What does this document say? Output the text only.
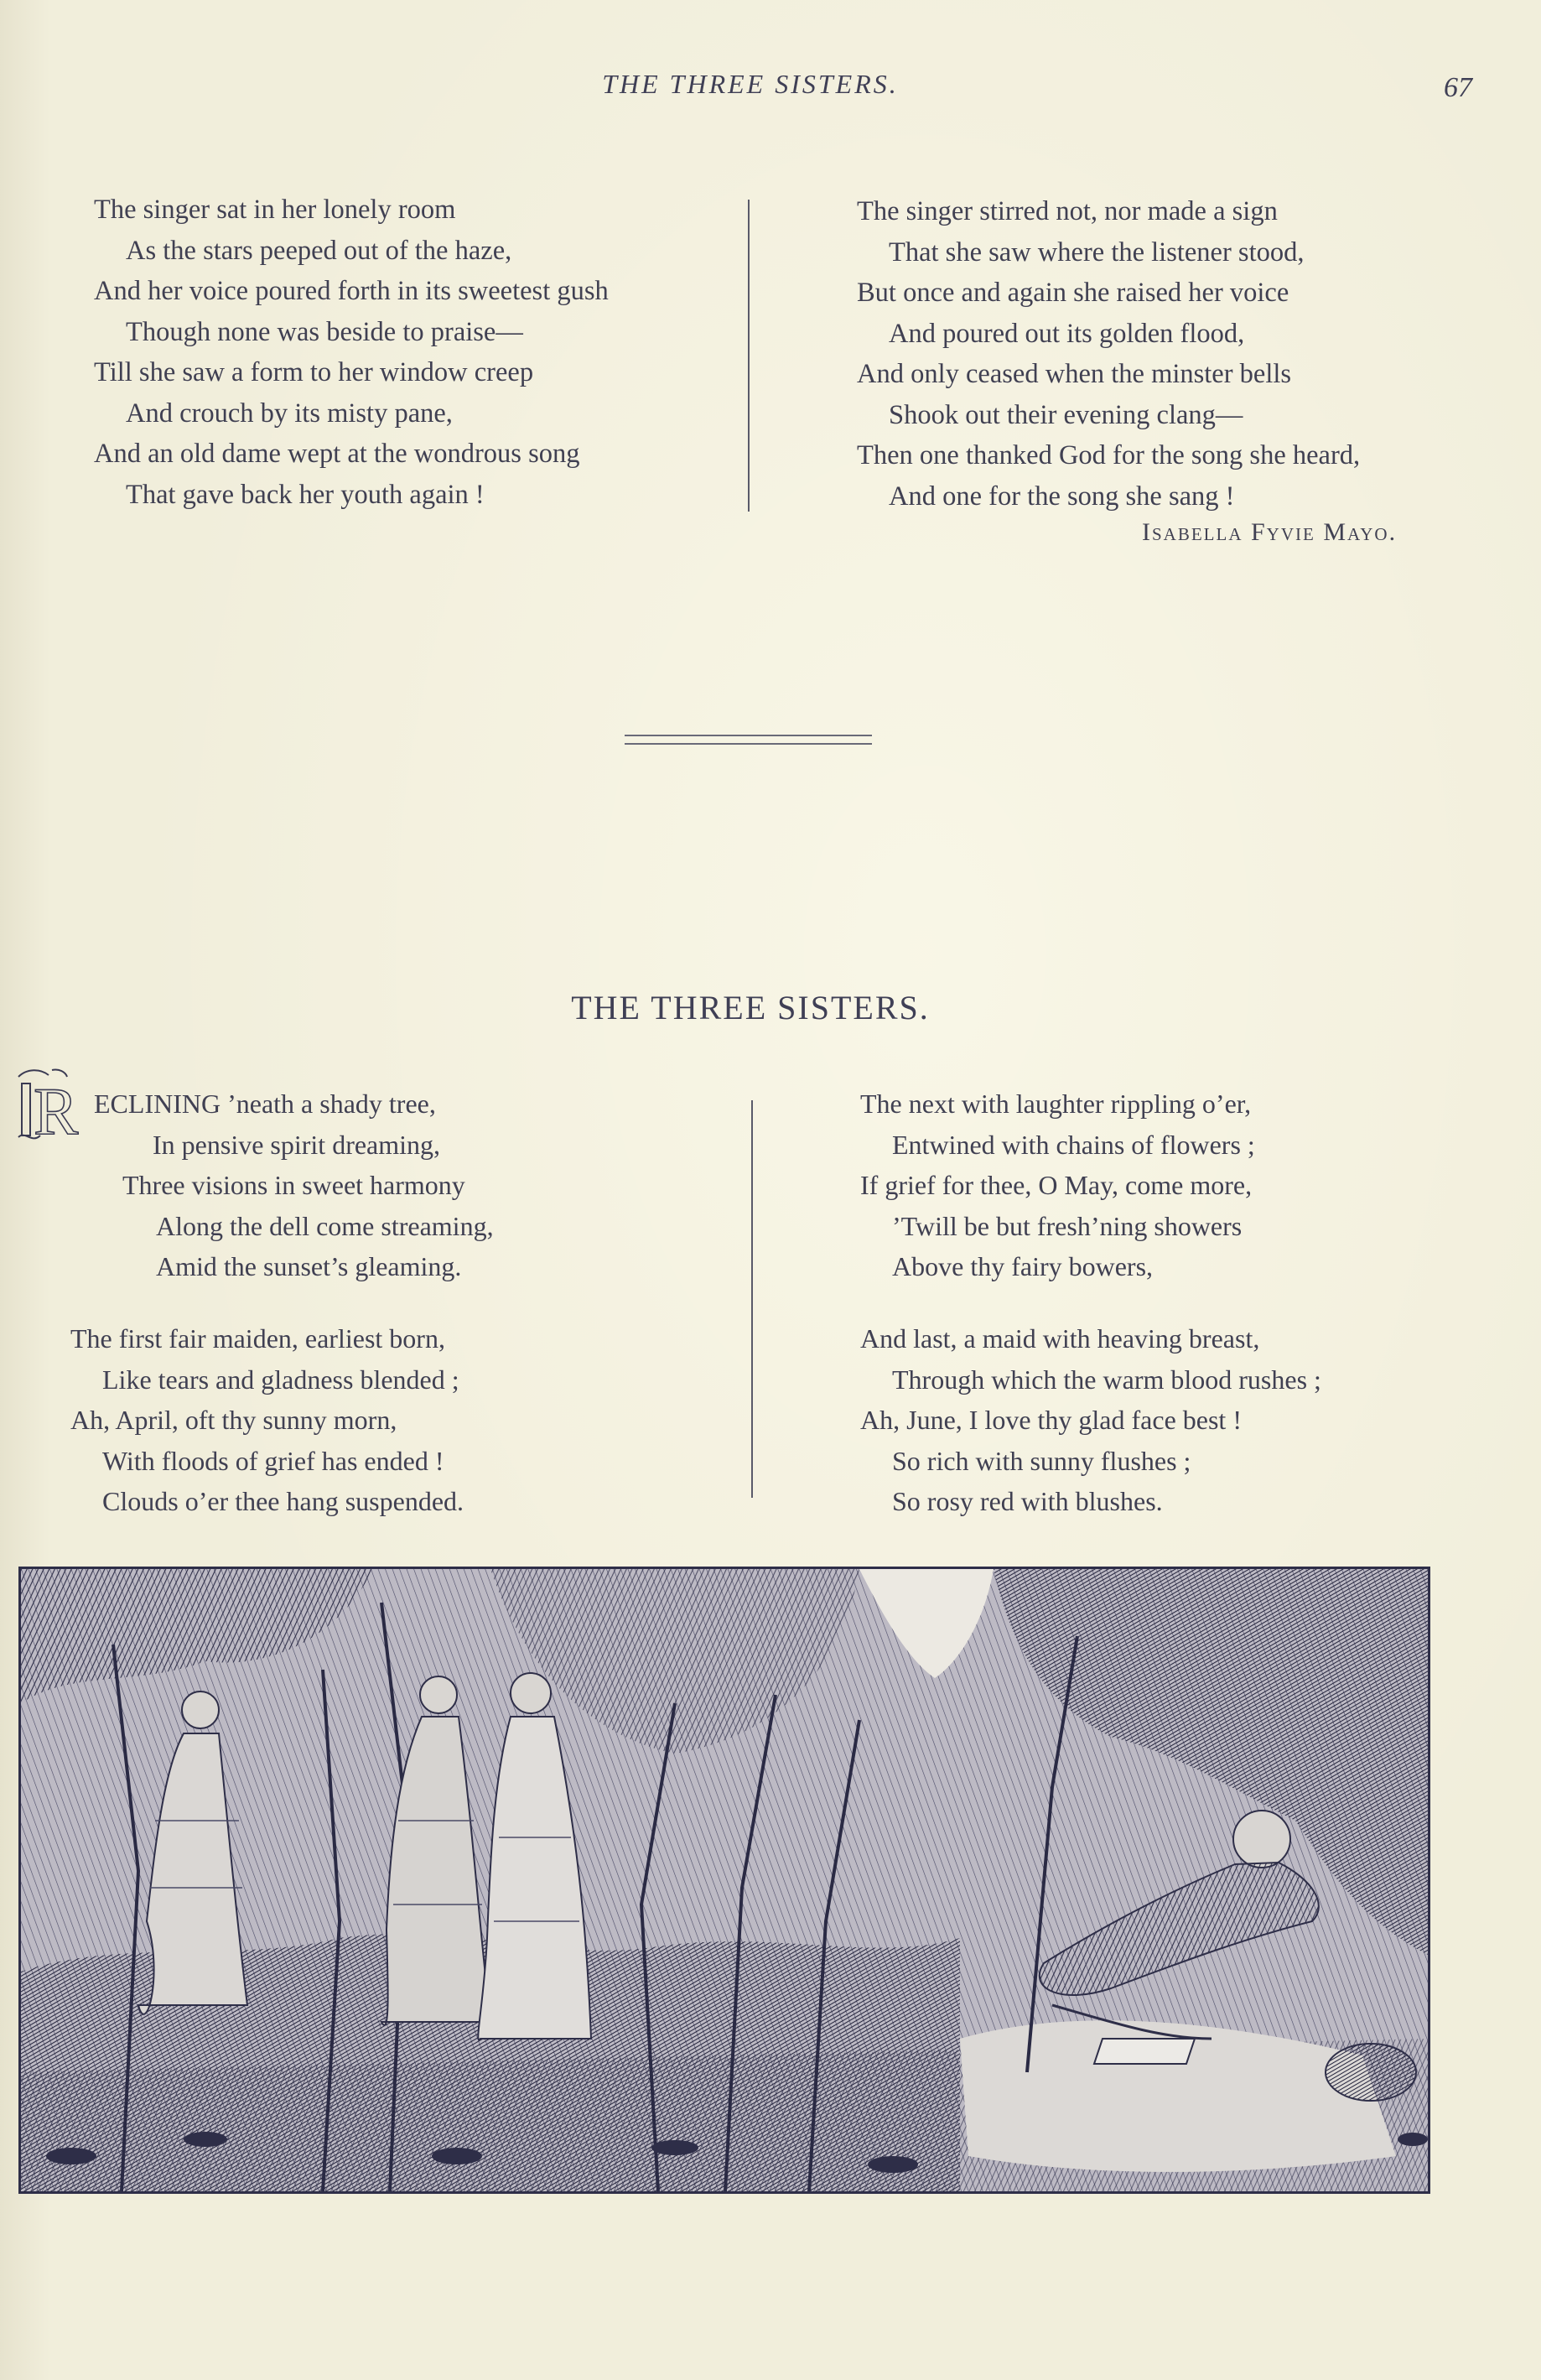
THE THREE SISTERS.	67
The singer sat in her lonely room
As the stars peeped out of the haze,
And her voice poured forth in its sweetest gush
Though none was beside to praise—
Till she saw a form to her window creep
And crouch by its misty pane,
And an old dame wept at the wondrous song
That gave back her youth again !
The singer stirred not, nor made a sign
That she saw where the listener stood,
But once and again she raised her voice
And poured out its golden flood,
And only ceased when the minster bells
Shook out their evening clang—
Then one thanked God for the song she heard,
And one for the song she sang !
Isabella Fyvie Mayo.
THE THREE SISTERS.
R ECLINING ’neath a shady tree,
In pensive spirit dreaming,
Three visions in sweet harmony
Along the dell come streaming,
Amid the sunset’s gleaming.
The first fair maiden, earliest born,
Like tears and gladness blended ;
Ah, April, oft thy sunny morn,
With floods of grief has ended !
Clouds o’er thee hang suspended.
The next with laughter rippling o’er,
Entwined with chains of flowers ;
If grief for thee, O May, come more,
’Twill be but fresh’ning showers
Above thy fairy bowers,
And last, a maid with heaving breast,
Through which the warm blood rushes ;
Ah, June, I love thy glad face best !
So rich with sunny flushes ;
So rosy red with blushes.
